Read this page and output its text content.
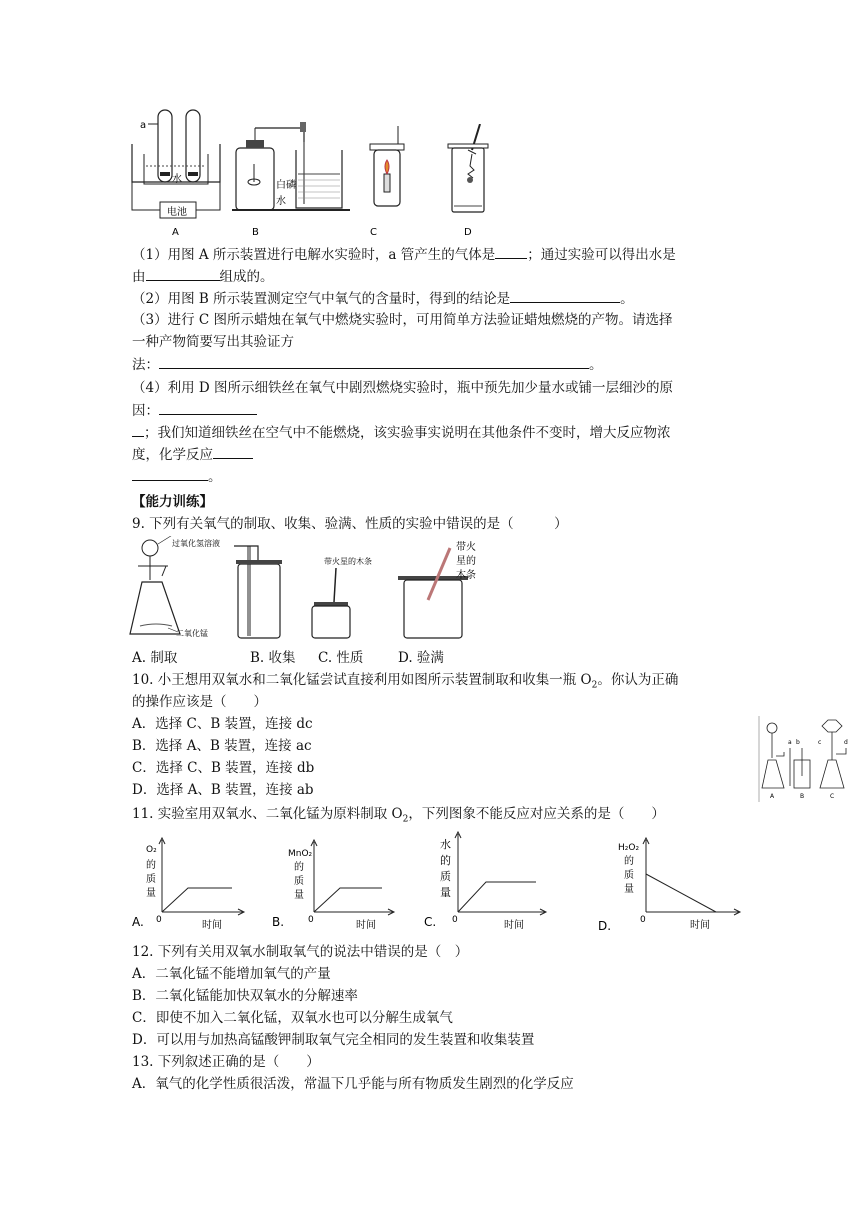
a
水
电池
A
白磷
水
B	C	D
（1）用图 A 所示装置进行电解水实验时，a 管产生的气体是 ；通过实验可以得出水是
由	组成的。
（2）用图 B 所示装置测定空气中氧气的含量时，得到的结论是	。
（3）进行 C 图所示蜡烛在氧气中燃烧实验时，可用简单方法验证蜡烛燃烧的产物。请选择
一种产物简要写出其验证方
法：	。
（4）利用 D 图所示细铁丝在氧气中剧烈燃烧实验时，瓶中预先加少量水或铺一层细沙的原
因：
；我们知道细铁丝在空气中不能燃烧，该实验事实说明在其他条件不变时，增大反应物浓
度，化学反应
。
【能力训练】
9. 下列有关氧气的制取、收集、验满、性质的实验中错误的是（　　　）
过氧化氢溶液
二氧化锰
带火星的木条
带火
星的
木条
A. 制取	B. 收集 C. 性质	D. 验满
10. 小王想用双氧水和二氧化锰尝试直接利用如图所示装置制取和收集一瓶 $O_2$。你认为正确
的操作应该是（　　）
A．选择 C、B 装置，连接 dc
B．选择 A、B 装置，连接 ac
C．选择 C、B 装置，连接 db
D．选择 A、B 装置，连接 ab	A
a b
B
c	d
C
11. 实验室用双氧水、二氧化锰为原料制取 $O_2$，下列图象不能反应对应关系的是（　　）
A.
O₂
的
质
量
0	时间	B.
MnO₂
的
质
量
0	时间	C.
水
的
质
量
0	时间	D.
H₂O₂
的
质
量
0	时间
12. 下列有关用双氧水制取氧气的说法中错误的是（　）
A．二氧化锰不能增加氧气的产量
B．二氧化锰能加快双氧水的分解速率
C．即使不加入二氧化锰，双氧水也可以分解生成氧气
D．可以用与加热高锰酸钾制取氧气完全相同的发生装置和收集装置
13. 下列叙述正确的是（　　）
A．氧气的化学性质很活泼，常温下几乎能与所有物质发生剧烈的化学反应
